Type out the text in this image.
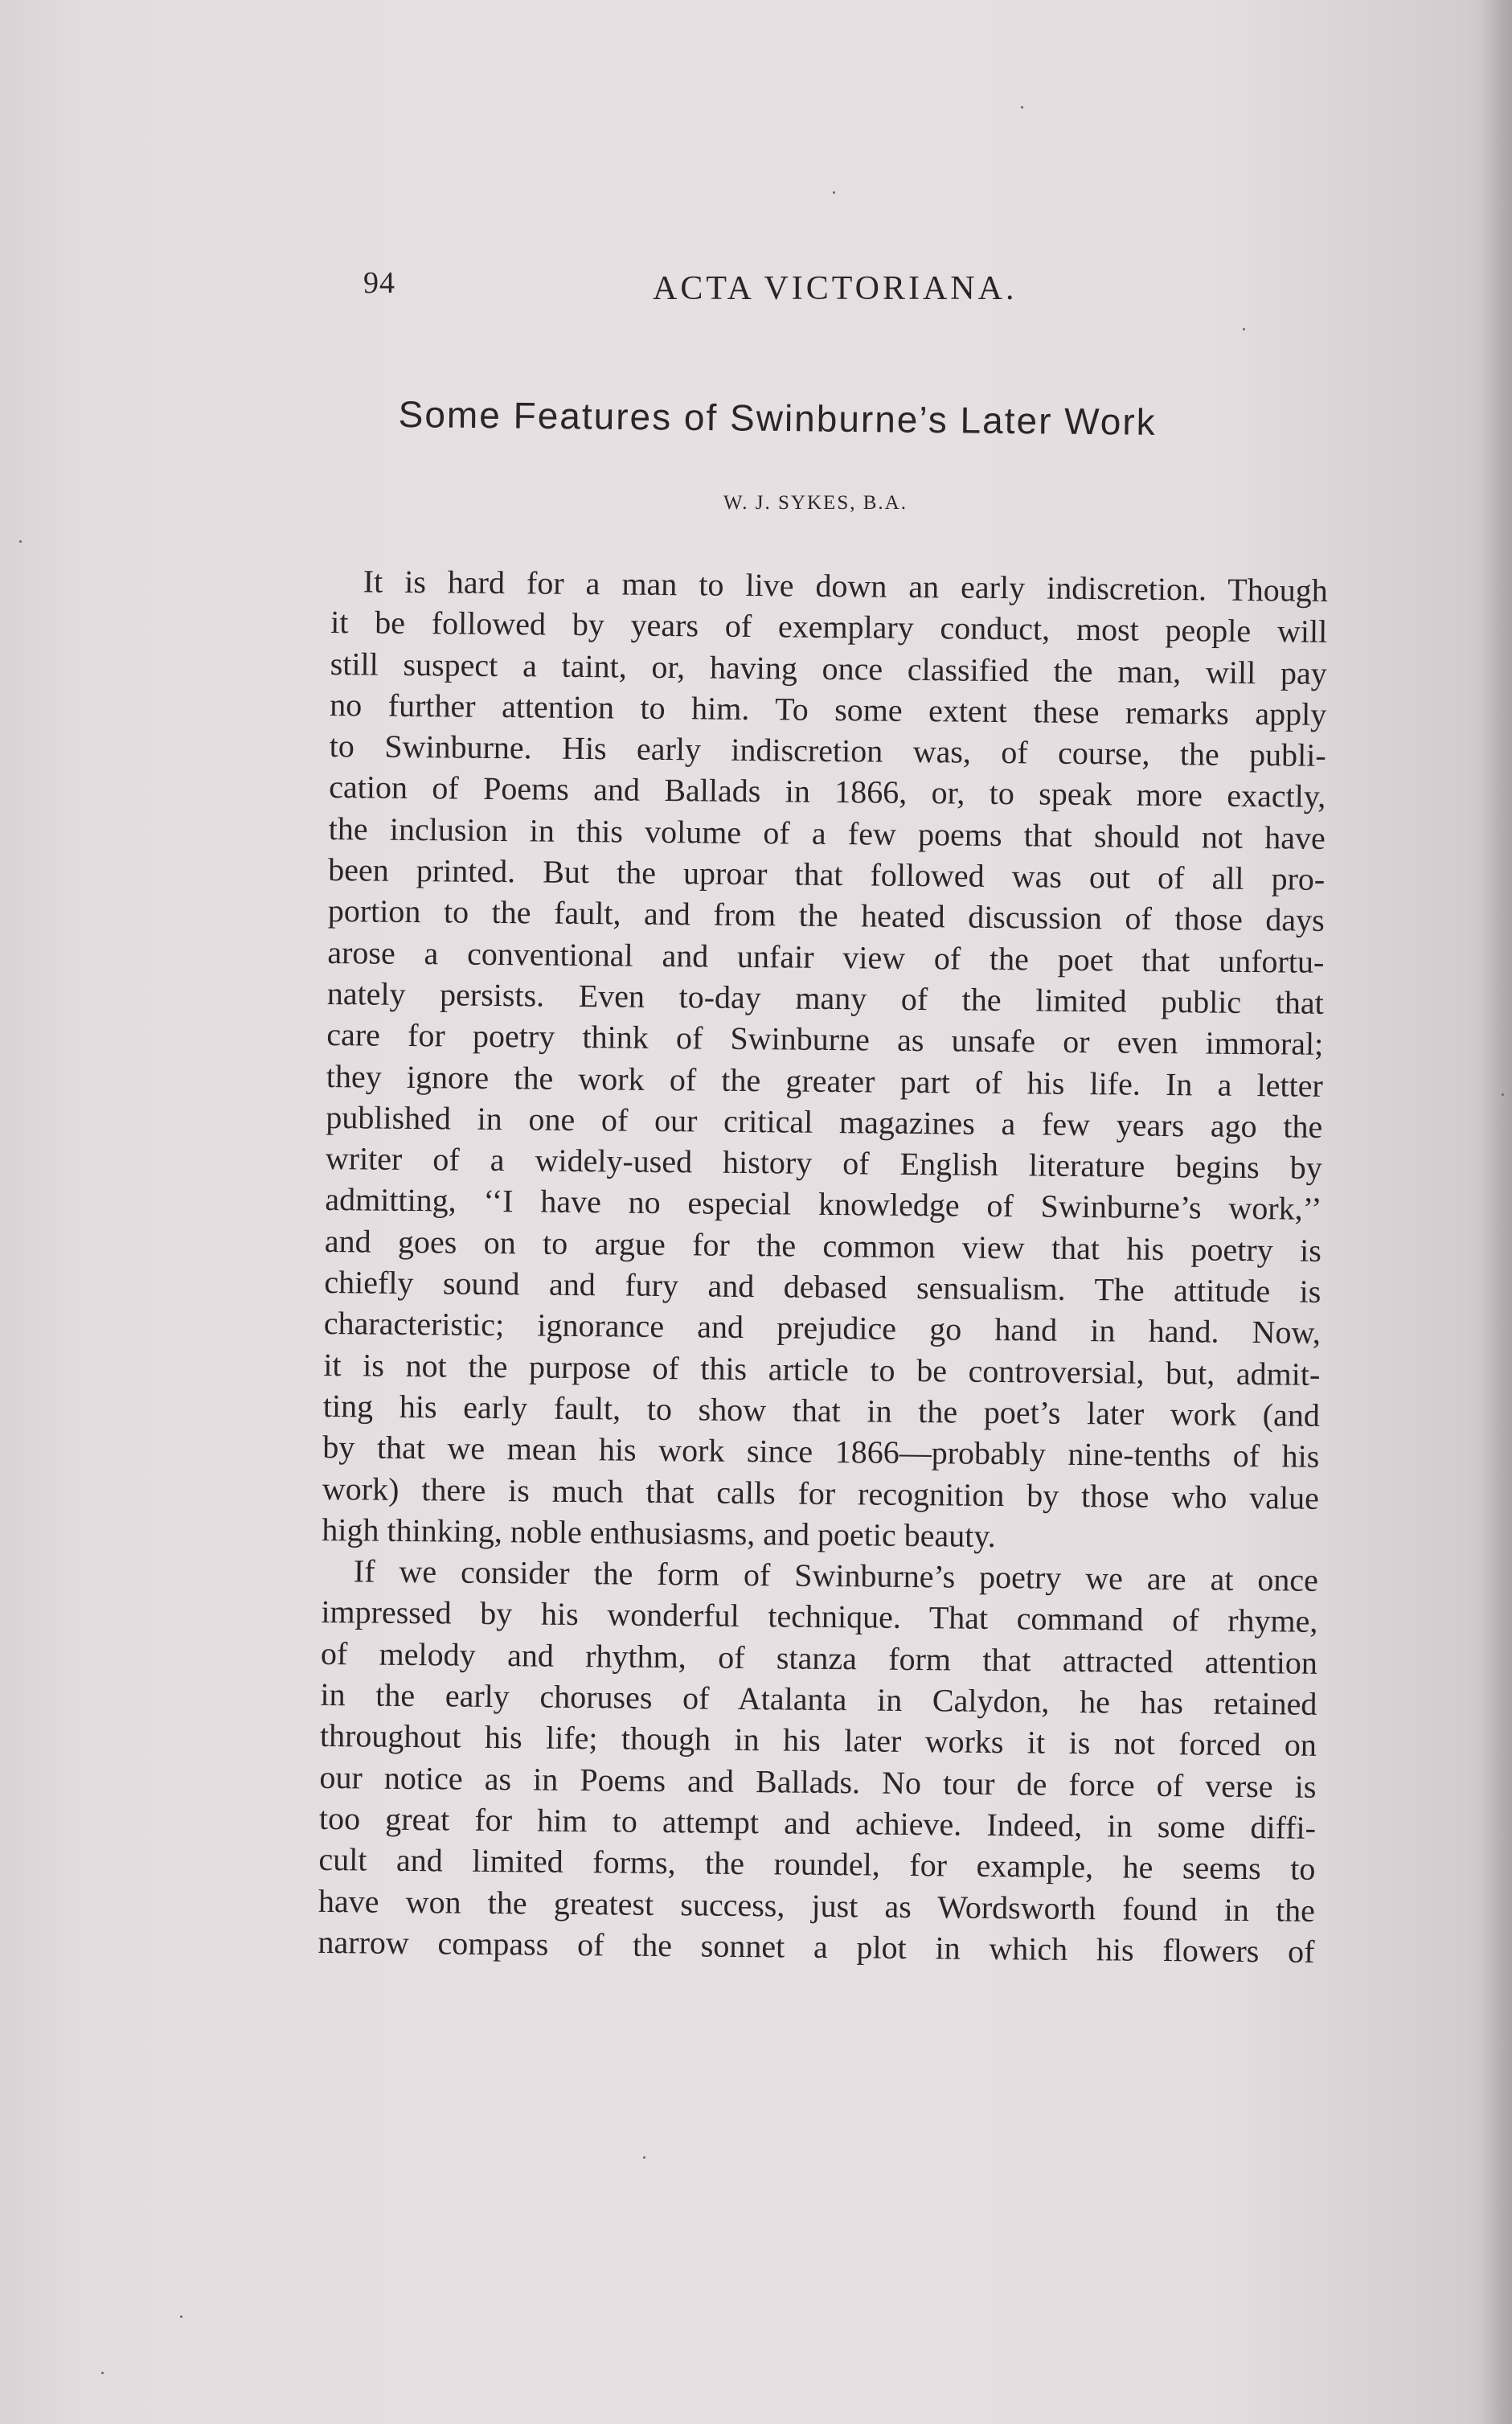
94	ACTA VICTORIANA.
Some Features of Swinburne’s Later Work
W. J. SYKES, B.A.
It is hard for a man to live down an early indiscretion. Though
it be followed by years of exemplary conduct, most people will
still suspect a taint, or, having once classified the man, will pay
no further attention to him. To some extent these remarks apply
to Swinburne. His early indiscretion was, of course, the publi-
cation of Poems and Ballads in 1866, or, to speak more exactly,
the inclusion in this volume of a few poems that should not have
been printed. But the uproar that followed was out of all pro-
portion to the fault, and from the heated discussion of those days
arose a conventional and unfair view of the poet that unfortu-
nately persists. Even to-day many of the limited public that
care for poetry think of Swinburne as unsafe or even immoral;
they ignore the work of the greater part of his life. In a letter
published in one of our critical magazines a few years ago the
writer of a widely-used history of English literature begins by
admitting, ‘‘I have no especial knowledge of Swinburne’s work,’’
and goes on to argue for the common view that his poetry is
chiefly sound and fury and debased sensualism. The attitude is
characteristic; ignorance and prejudice go hand in hand. Now,
it is not the purpose of this article to be controversial, but, admit-
ting his early fault, to show that in the poet’s later work (and
by that we mean his work since 1866—probably nine-tenths of his
work) there is much that calls for recognition by those who value
high thinking, noble enthusiasms, and poetic beauty.
If we consider the form of Swinburne’s poetry we are at once
impressed by his wonderful technique. That command of rhyme,
of melody and rhythm, of stanza form that attracted attention
in the early choruses of Atalanta in Calydon, he has retained
throughout his life; though in his later works it is not forced on
our notice as in Poems and Ballads. No tour de force of verse is
too great for him to attempt and achieve. Indeed, in some diffi-
cult and limited forms, the roundel, for example, he seems to
have won the greatest success, just as Wordsworth found in the
narrow compass of the sonnet a plot in which his flowers of
